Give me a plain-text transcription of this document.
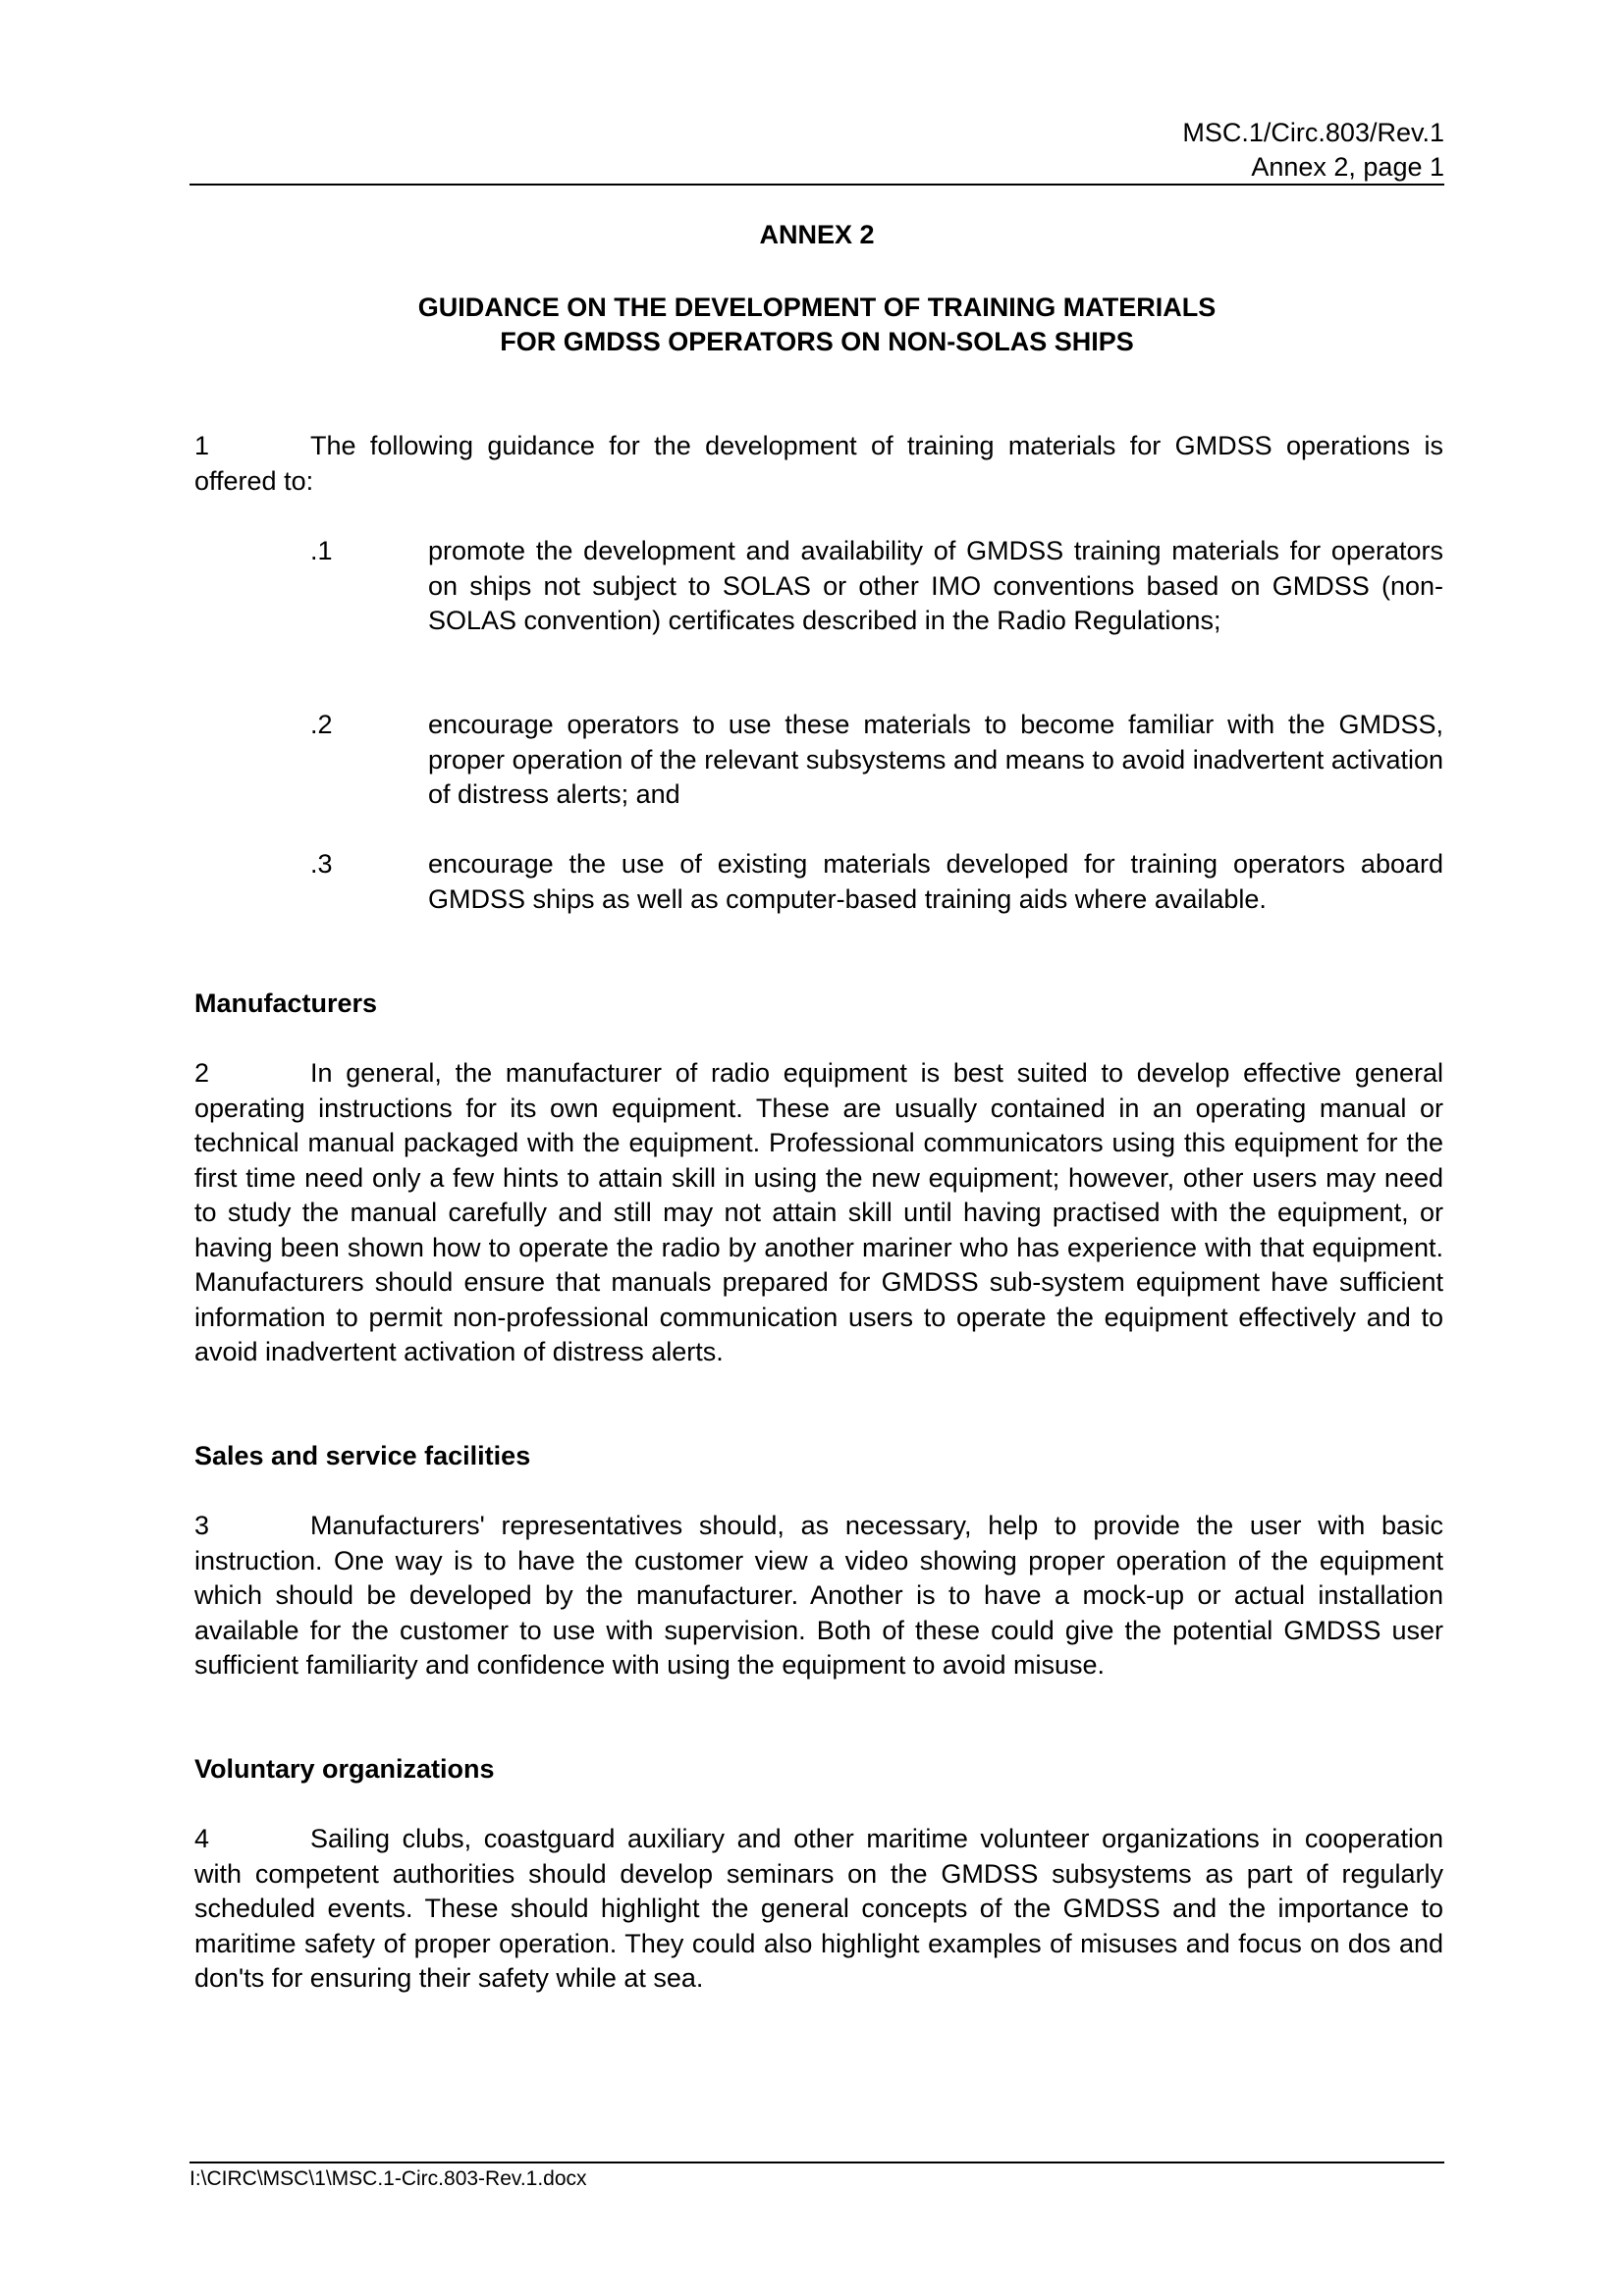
MSC.1/Circ.803/Rev.1
Annex 2, page 1
ANNEX 2
GUIDANCE ON THE DEVELOPMENT OF TRAINING MATERIALS
FOR GMDSS OPERATORS ON NON-SOLAS SHIPS

1	The following guidance for the development of training materials for GMDSS operations is offered to:

.1	promote the development and availability of GMDSS training materials for operators on ships not subject to SOLAS or other IMO conventions based on GMDSS (non-SOLAS convention) certificates described in the Radio Regulations;
.2	encourage operators to use these materials to become familiar with the GMDSS, proper operation of the relevant subsystems and means to avoid inadvertent activation of distress alerts; and
.3	encourage the use of existing materials developed for training operators aboard GMDSS ships as well as computer-based training aids where available.

Manufacturers

2	In general, the manufacturer of radio equipment is best suited to develop effective general operating instructions for its own equipment. These are usually contained in an operating manual or technical manual packaged with the equipment. Professional communicators using this equipment for the first time need only a few hints to attain skill in using the new equipment; however, other users may need to study the manual carefully and still may not attain skill until having practised with the equipment, or having been shown how to operate the radio by another mariner who has experience with that equipment. Manufacturers should ensure that manuals prepared for GMDSS sub-system equipment have sufficient information to permit non-professional communication users to operate the equipment effectively and to avoid inadvertent activation of distress alerts.

Sales and service facilities

3	Manufacturers' representatives should, as necessary, help to provide the user with basic instruction. One way is to have the customer view a video showing proper operation of the equipment which should be developed by the manufacturer. Another is to have a mock-up or actual installation available for the customer to use with supervision. Both of these could give the potential GMDSS user sufficient familiarity and confidence with using the equipment to avoid misuse.

Voluntary organizations

4	Sailing clubs, coastguard auxiliary and other maritime volunteer organizations in cooperation with competent authorities should develop seminars on the GMDSS subsystems as part of regularly scheduled events. These should highlight the general concepts of the GMDSS and the importance to maritime safety of proper operation. They could also highlight examples of misuses and focus on dos and don'ts for ensuring their safety while at sea.

I:\CIRC\MSC\1\MSC.1-Circ.803-Rev.1.docx
